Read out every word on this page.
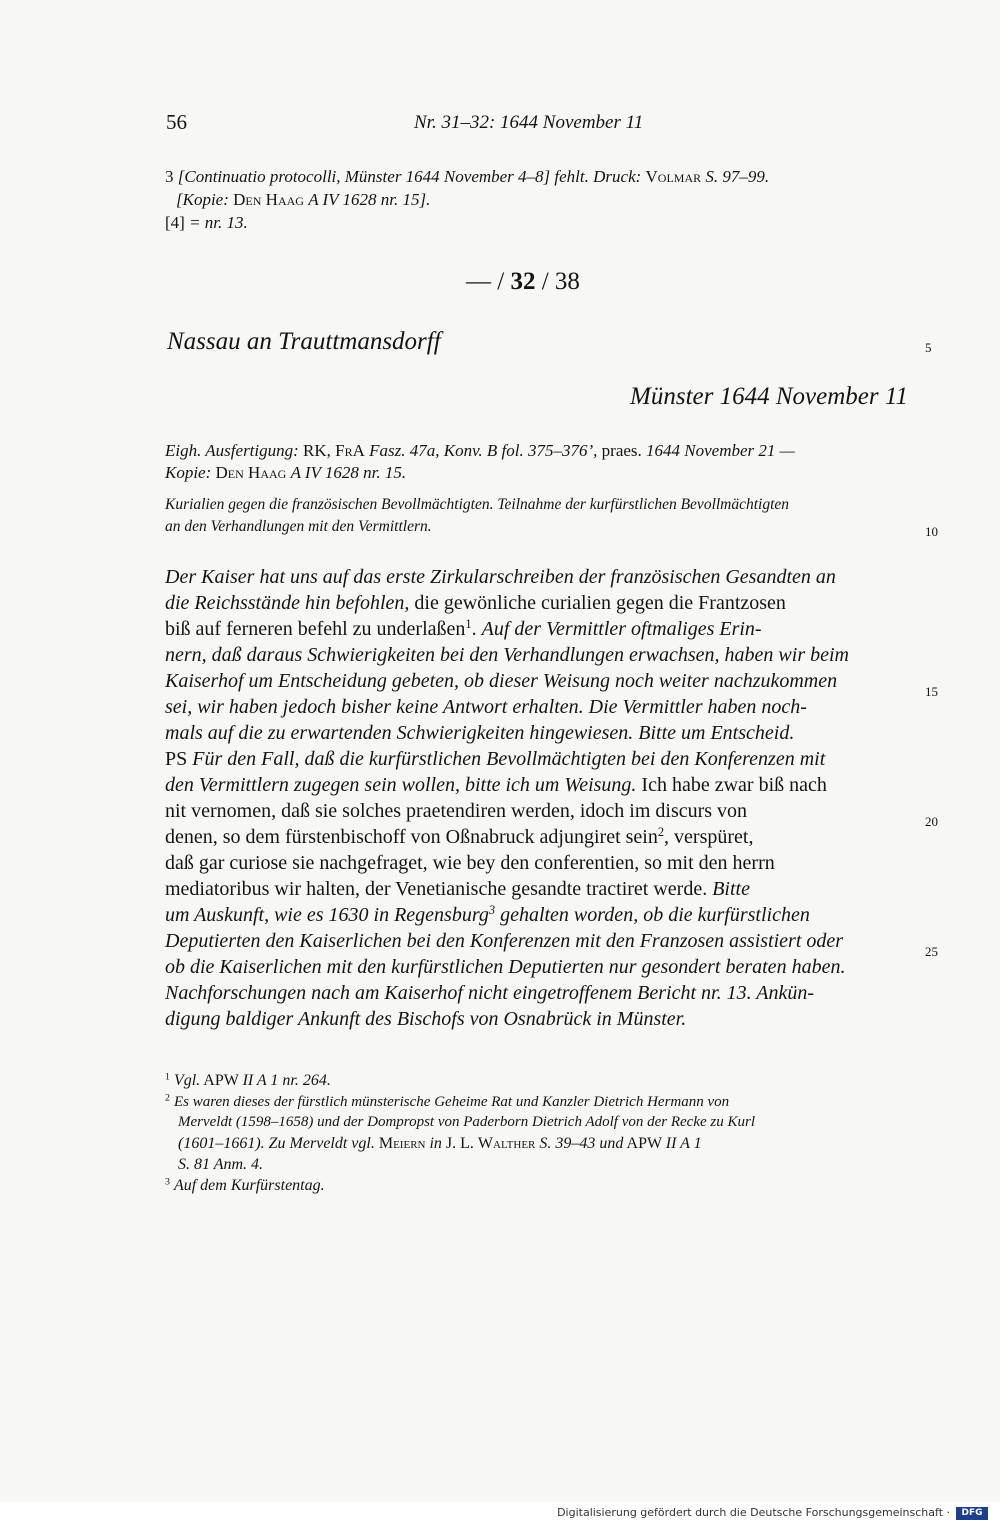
56	Nr. 31–32: 1644 November 11
3 [Continuatio protocolli, Münster 1644 November 4–8] fehlt. Druck: Volmar S. 97–99.
[Kopie: Den Haag A IV 1628 nr. 15].
[4] = nr. 13.
— / 32 / 38
Nassau an Trauttmansdorff	5
Münster 1644 November 11
Eigh. Ausfertigung: RK, FrA Fasz. 47a, Konv. B fol. 375–376’, praes. 1644 November 21 —
Kopie: Den Haag A IV 1628 nr. 15.
Kurialien gegen die französischen Bevollmächtigten. Teilnahme der kurfürstlichen Bevollmächtigten
an den Verhandlungen mit den Vermittlern.	10
Der Kaiser hat uns auf das erste Zirkularschreiben der französischen Gesandten an
die Reichsstände hin befohlen, die gewönliche curialien gegen die Frantzosen
biß auf ferneren befehl zu underlaßen$^1$. Auf der Vermittler oftmaliges Erin-
nern, daß daraus Schwierigkeiten bei den Verhandlungen erwachsen, haben wir beim
Kaiserhof um Entscheidung gebeten, ob dieser Weisung noch weiter nachzukommen
sei, wir haben jedoch bisher keine Antwort erhalten. Die Vermittler haben noch-
mals auf die zu erwartenden Schwierigkeiten hingewiesen. Bitte um Entscheid.
PS Für den Fall, daß die kurfürstlichen Bevollmächtigten bei den Konferenzen mit
den Vermittlern zugegen sein wollen, bitte ich um Weisung. Ich habe zwar biß nach
nit vernomen, daß sie solches praetendiren werden, idoch im discurs von
denen, so dem fürstenbischoff von Oßnabruck adjungiret sein$^2$, verspüret,
daß gar curiose sie nachgefraget, wie bey den conferentien, so mit den herrn
mediatoribus wir halten, der Venetianische gesandte tractiret werde. Bitte
um Auskunft, wie es 1630 in Regensburg$^3$ gehalten worden, ob die kurfürstlichen
Deputierten den Kaiserlichen bei den Konferenzen mit den Franzosen assistiert oder
ob die Kaiserlichen mit den kurfürstlichen Deputierten nur gesondert beraten haben.
Nachforschungen nach am Kaiserhof nicht eingetroffenem Bericht nr. 13. Ankün-
digung baldiger Ankunft des Bischofs von Osnabrück in Münster.
15
20
25
$^1$ Vgl. APW II A 1 nr. 264.
$^2$ Es waren dieses der fürstlich münsterische Geheime Rat und Kanzler Dietrich Hermann von
Merveldt (1598–1658) und der Dompropst von Paderborn Dietrich Adolf von der Recke zu Kurl
(1601–1661). Zu Merveldt vgl. Meiern in J. L. Walther S. 39–43 und APW II A 1
S. 81 Anm. 4.
$^3$ Auf dem Kurfürstentag.
Digitalisierung gefördert durch die Deutsche Forschungsgemeinschaft ·	DFG
